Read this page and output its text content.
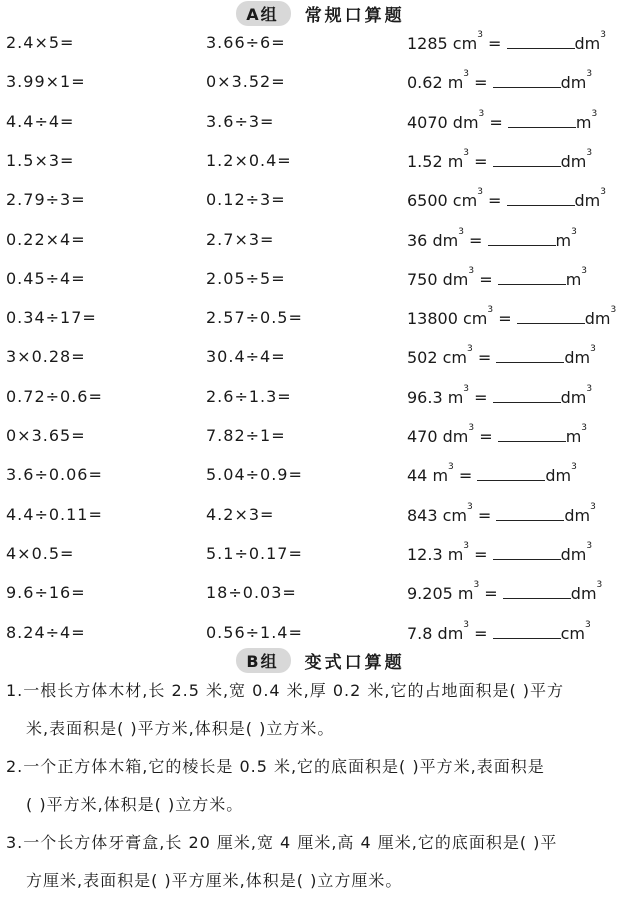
A组	常规口算题
2.4×5=	3.66÷6=	1285 $cm^3$ =	$dm^3$
3.99×1=	0×3.52=	0.62 $m^3$ =	$dm^3$
4.4÷4=	3.6÷3=	4070 $dm^3$ =	$m^3$
1.5×3=	1.2×0.4=	1.52 $m^3$ =	$dm^3$
2.79÷3=	0.12÷3=	6500 $cm^3$ =	$dm^3$
0.22×4=	2.7×3=	36 $dm^3$ =	$m^3$
0.45÷4=	2.05÷5=	750 $dm^3$ =	$m^3$
0.34÷17=	2.57÷0.5=	13800 $cm^3$ =	$dm^3$
3×0.28=	30.4÷4=	502 $cm^3$ =	$dm^3$
0.72÷0.6=	2.6÷1.3=	96.3 $m^3$ =	$dm^3$
0×3.65=	7.82÷1=	470 $dm^3$ =	$m^3$
3.6÷0.06=	5.04÷0.9=	44 $m^3$ =	$dm^3$
4.4÷0.11=	4.2×3=	843 $cm^3$ =	$dm^3$
4×0.5=	5.1÷0.17=	12.3 $m^3$ =	$dm^3$
9.6÷16=	18÷0.03=	9.205 $m^3$ =	$dm^3$
8.24÷4=	0.56÷1.4=	7.8 $dm^3$ =	$cm^3$
B组	变式口算题
1.一根长方体木材,长 2.5 米,宽 0.4 米,厚 0.2 米,它的占地面积是( )平方
米,表面积是( )平方米,体积是( )立方米。
2.一个正方体木箱,它的棱长是 0.5 米,它的底面积是( )平方米,表面积是
( )平方米,体积是( )立方米。
3.一个长方体牙膏盒,长 20 厘米,宽 4 厘米,高 4 厘米,它的底面积是( )平
方厘米,表面积是( )平方厘米,体积是( )立方厘米。
